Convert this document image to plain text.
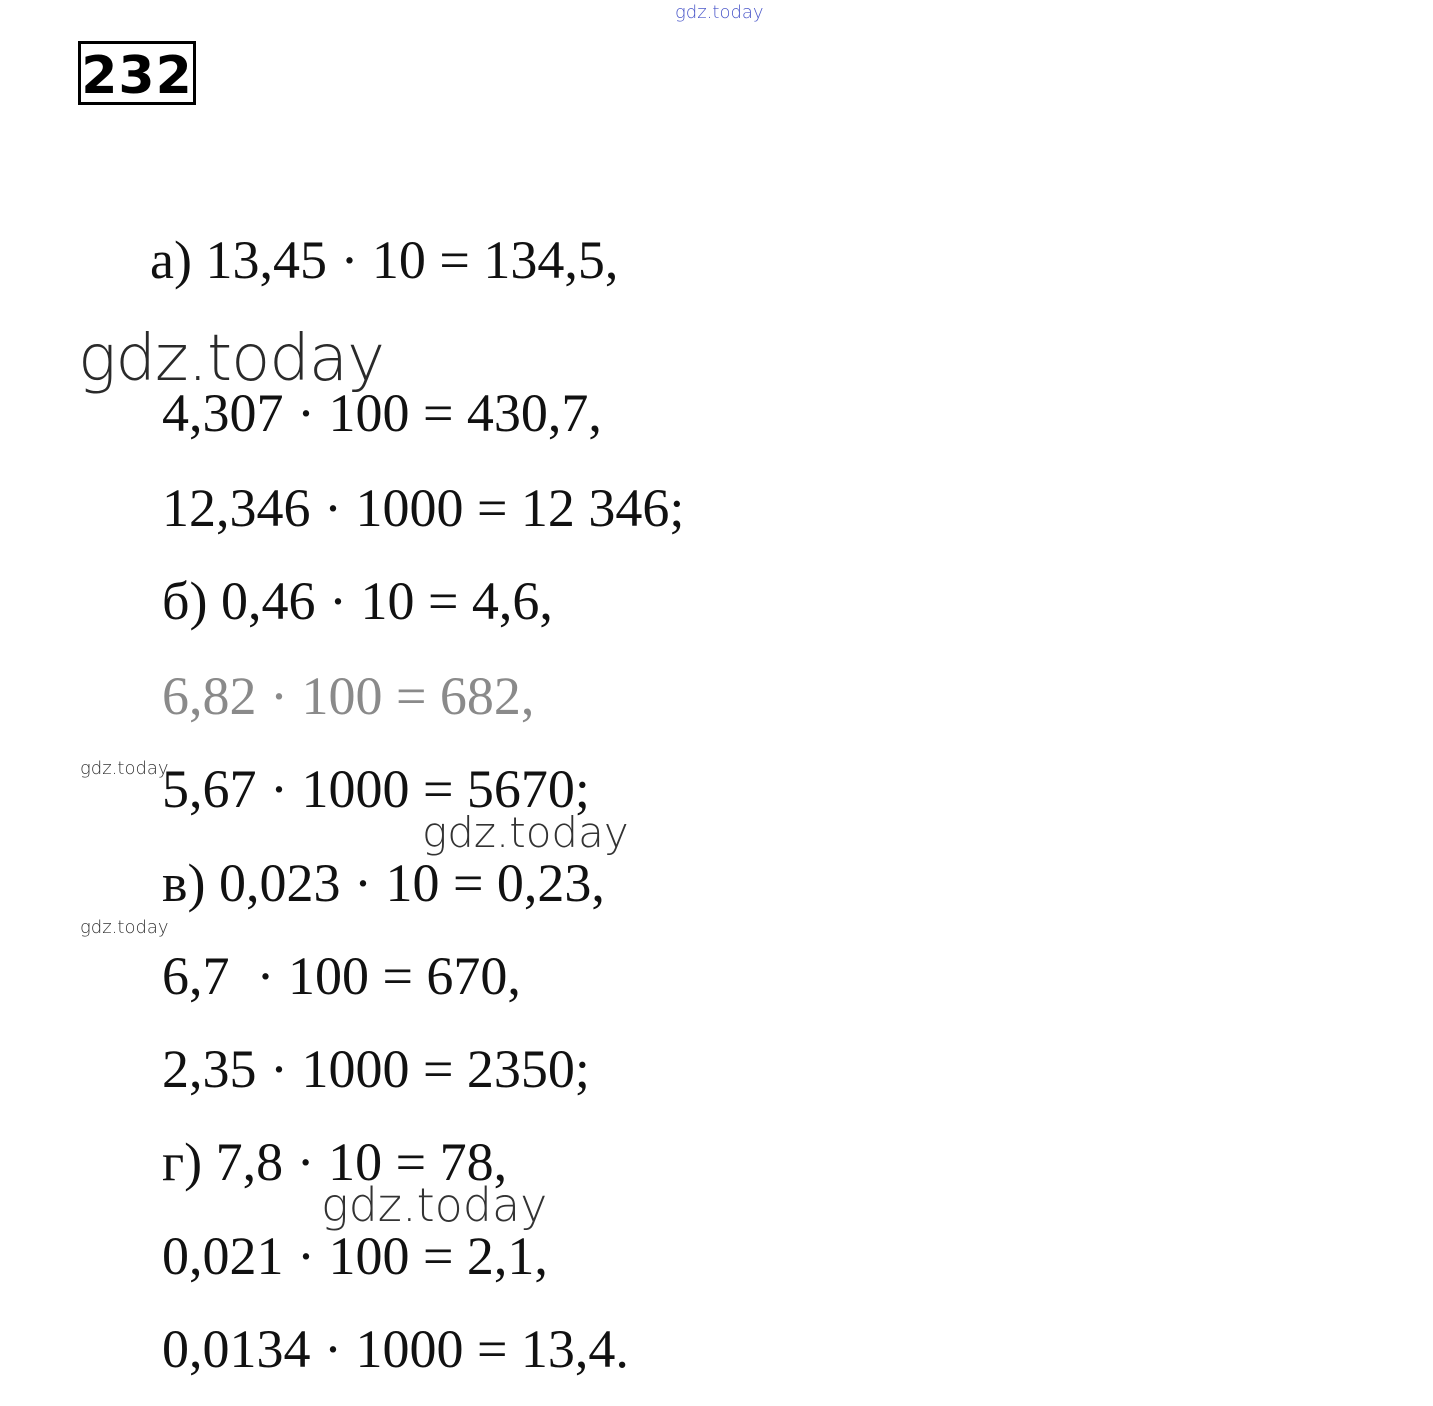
gdz.today
232
а) 13,45 · 10 = 134,5,
gdz.today
4,307 · 100 = 430,7,
12,346 · 1000 = 12 346;
б) 0,46 · 10 = 4,6,
6,82 · 100 = 682,
gdz.today
5,67 · 1000 = 5670;
gdz.today
в) 0,023 · 10 = 0,23,
gdz.today
6,7  · 100 = 670,
2,35 · 1000 = 2350;
г) 7,8 · 10 = 78,
gdz.today
0,021 · 100 = 2,1,
0,0134 · 1000 = 13,4.
